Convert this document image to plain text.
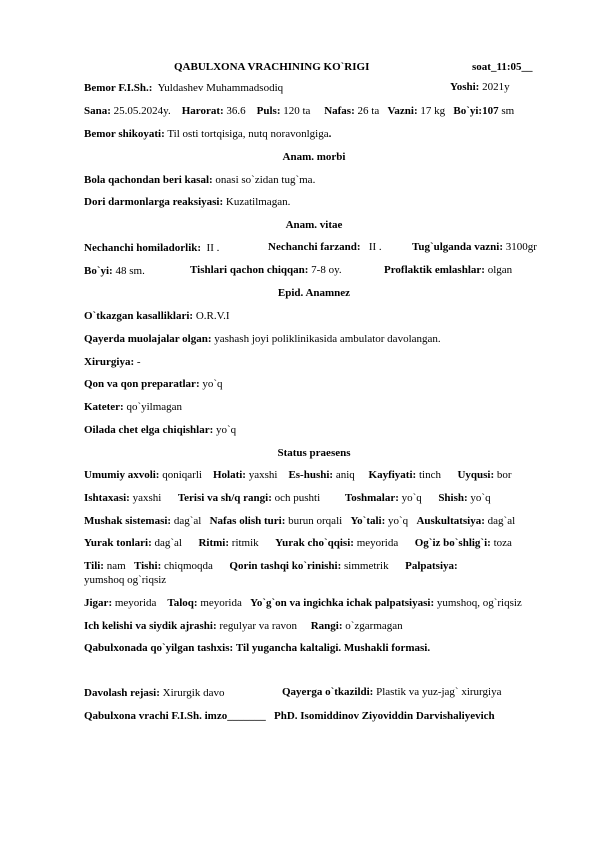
QABULXONA VRACHINING KO`RIGI	soat_11:05__
Bemor F.I.Sh.: Yuldashev Muhammadsodiq	Yoshi: 2021y
Sana: 25.05.2024y. Harorat: 36.6 Puls: 120 ta Nafas: 26 ta Vazni: 17 kg Bo`yi:107 sm
Bemor shikoyati: Til osti tortqisiga, nutq noravonlgiga.
Anam. morbi
Bola qachondan beri kasal: onasi so`zidan tug`ma.
Dori darmonlarga reaksiyasi: Kuzatilmagan.
Anam. vitae
Nechanchi homiladorlik: II .	Nechanchi farzand: II .	Tug`ulganda vazni: 3100gr
Bo`yi: 48 sm.	Tishlari qachon chiqqan: 7-8 oy.	Proflaktik emlashlar: olgan
Epid. Anamnez
O`tkazgan kasalliklari: O.R.V.I
Qayerda muolajalar olgan: yashash joyi poliklinikasida ambulator davolangan.
Xirurgiya: -
Qon va qon preparatlar: yo`q
Kateter: qo`yilmagan
Oilada chet elga chiqishlar: yo`q
Status praesens
Umumiy axvoli: qoniqarli Holati: yaxshi Es-hushi: aniq Kayfiyati: tinch Uyqusi: bor
Ishtaxasi: yaxshi Terisi va sh/q rangi: och pushti Toshmalar: yo`q Shish: yo`q
Mushak sistemasi: dag`al Nafas olish turi: burun orqali Yo`tali: yo`q Auskultatsiya: dag`al
Yurak tonlari: dag`al Ritmi: ritmik Yurak cho`qqisi: meyorida Og`iz bo`shlig`i: toza
Tili: nam Tishi: chiqmoqda Qorin tashqi ko`rinishi: simmetrik Palpatsiya:
yumshoq og`riqsiz
Jigar: meyorida Taloq: meyorida Yo`g`on va ingichka ichak palpatsiyasi: yumshoq, og`riqsiz
Ich kelishi va siydik ajrashi: regulyar va ravon Rangi: o`zgarmagan
Qabulxonada qo`yilgan tashxis: Til yugancha kaltaligi. Mushakli formasi.
Davolash rejasi: Xirurgik davo	Qayerga o`tkazildi: Plastik va yuz-jag` xirurgiya
Qabulxona vrachi F.I.Sh. imzo_______ PhD. Isomiddinov Ziyoviddin Darvishaliyevich
